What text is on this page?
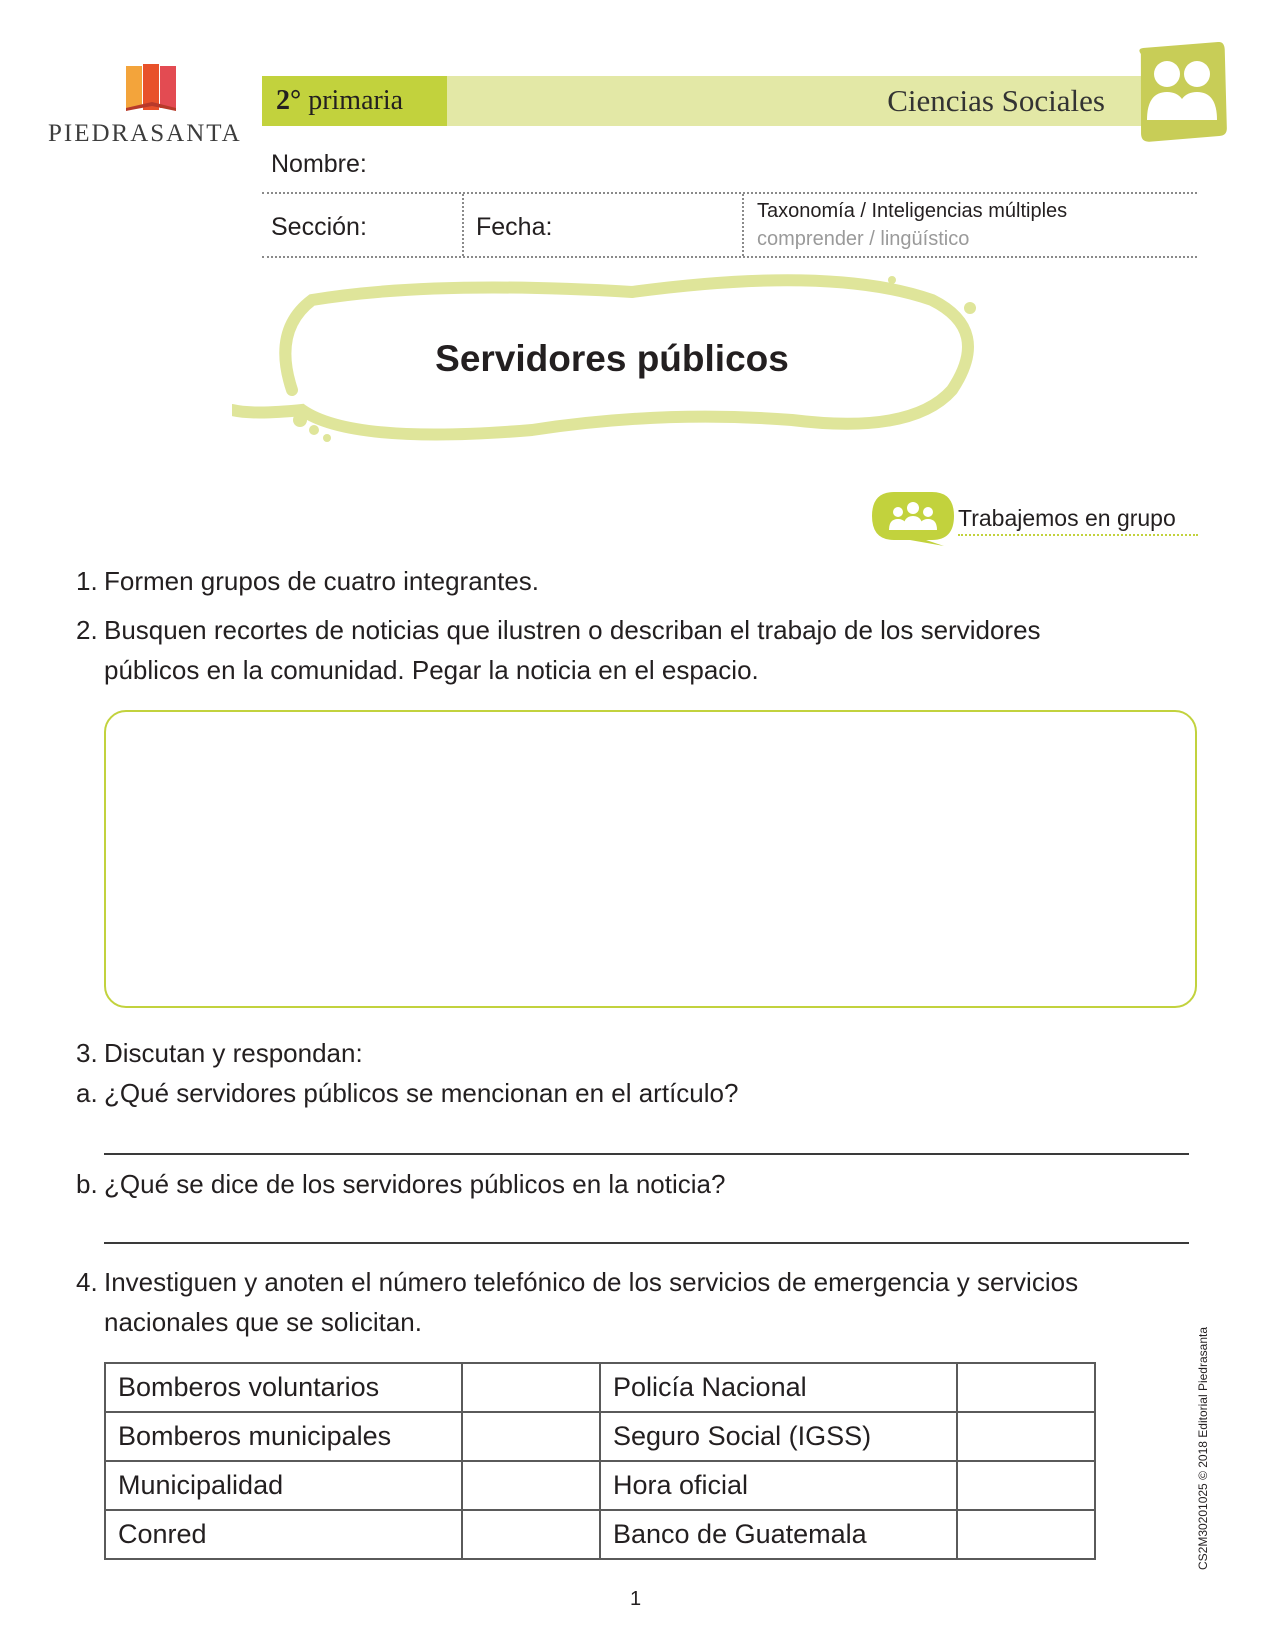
PIEDRASANTA
2° primaria	Ciencias Sociales
Nombre:
Sección:	Fecha:
Taxonomía / Inteligencias múltiples
comprender / lingüístico
Servidores públicos
Trabajemos en grupo
1. Formen grupos de cuatro integrantes.
2. Busquen recortes de noticias que ilustren o describan el trabajo de los servidores
públicos en la comunidad. Pegar la noticia en el espacio.
3. Discutan y respondan:
a. ¿Qué servidores públicos se mencionan en el artículo?
b. ¿Qué se dice de los servidores públicos en la noticia?
4. Investiguen y anoten el número telefónico de los servicios de emergencia y servicios
nacionales que se solicitan.
Bomberos voluntarios		Policía Nacional	
Bomberos municipales		Seguro Social (IGSS)	
Municipalidad		Hora oficial	
Conred		Banco de Guatemala		CS2M30201025 © 2018 Editorial Piedrasanta
1
